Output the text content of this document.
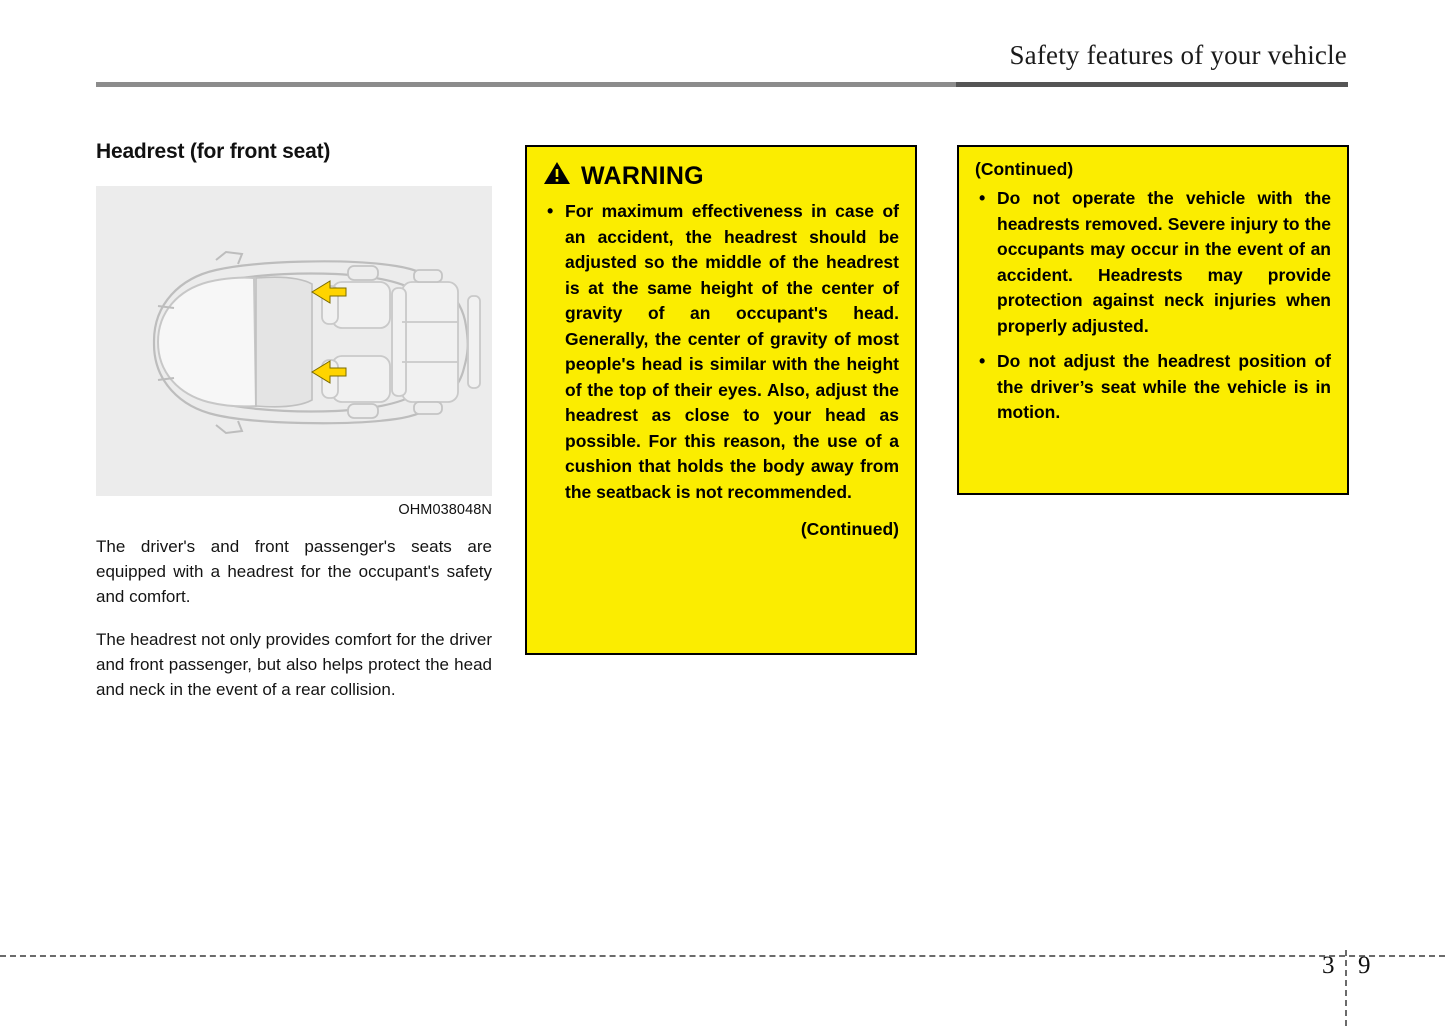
Safety features of your vehicle
Headrest (for front seat)
OHM038048N

The driver's and front passenger's seats are equipped with a headrest for the occupant's safety and comfort.

The headrest not only provides comfort for the driver and front passenger, but also helps protect the head and neck in the event of a rear collision.

WARNING
• For maximum effectiveness in case of an accident, the headrest should be adjusted so the middle of the headrest is at the same height of the center of gravity of an occupant's head. Generally, the center of gravity of most people's head is similar with the height of the top of their eyes. Also, adjust the headrest as close to your head as possible. For this reason, the use of a cushion that holds the body away from the seatback is not recommended.
(Continued)
(Continued)
• Do not operate the vehicle with the headrests removed. Severe injury to the occupants may occur in the event of an accident. Headrests may provide protection against neck injuries when properly adjusted.
• Do not adjust the headrest position of the driver’s seat while the vehicle is in motion.
3 9
